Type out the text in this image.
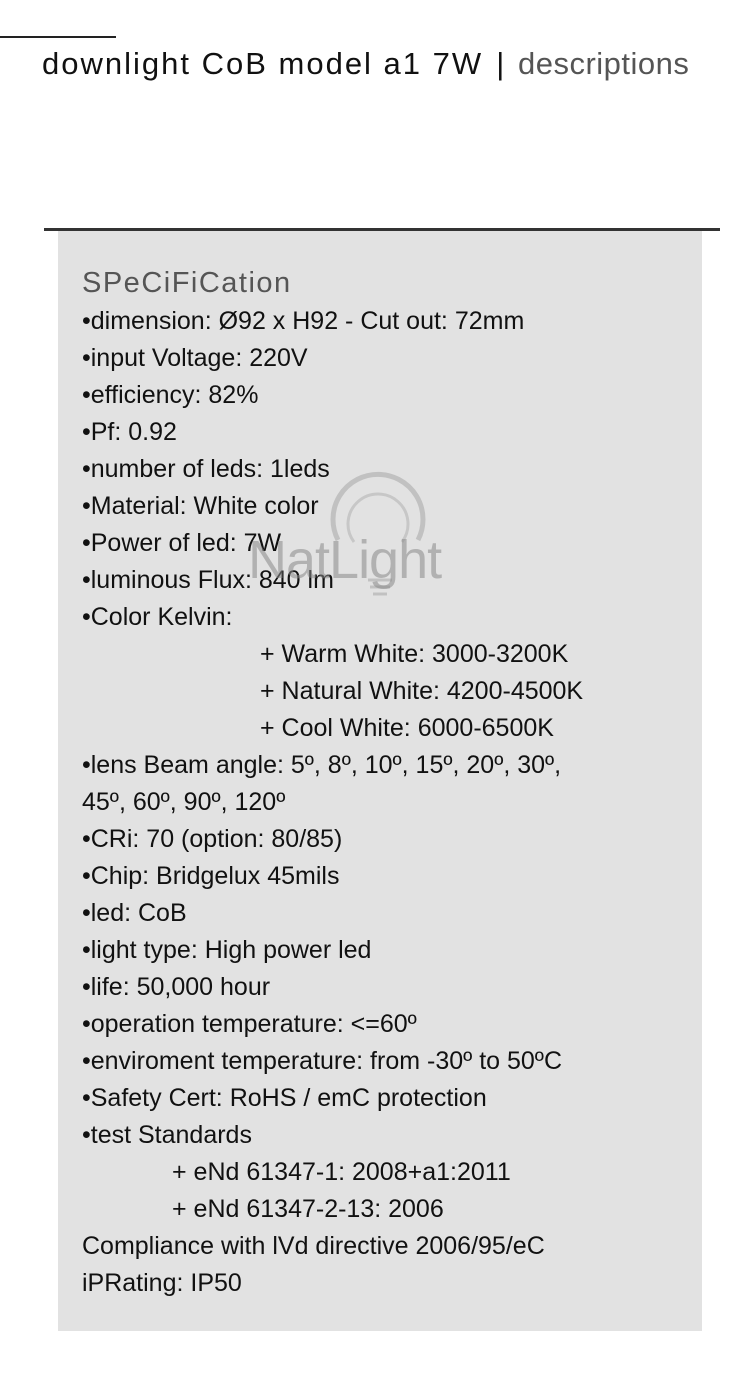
downlight CoB model a1 7W | descriptions
SPeCiFiCation
•dimension: Ø92 x H92 - Cut out: 72mm
•input Voltage: 220V
•efficiency: 82%
•Pf: 0.92
•number of leds: 1leds
•Material: White color
•Power of led: 7W
•luminous Flux: 840 lm
•Color Kelvin:
+ Warm White: 3000-3200K
+ Natural White: 4200-4500K
+ Cool White: 6000-6500K
•lens Beam angle: 5º, 8º, 10º, 15º, 20º, 30º,
45º, 60º, 90º, 120º
•CRi: 70 (option: 80/85)
•Chip: Bridgelux 45mils
•led: CoB
•light type: High power led
•life: 50,000 hour
•operation temperature: <=60º
•enviroment temperature: from -30º to 50ºC
•Safety Cert: RoHS / emC protection
•test Standards
+ eNd 61347-1: 2008+a1:2011
+ eNd 61347-2-13: 2006
Compliance with lVd directive 2006/95/eC
iPRating: IP50
NatLight
